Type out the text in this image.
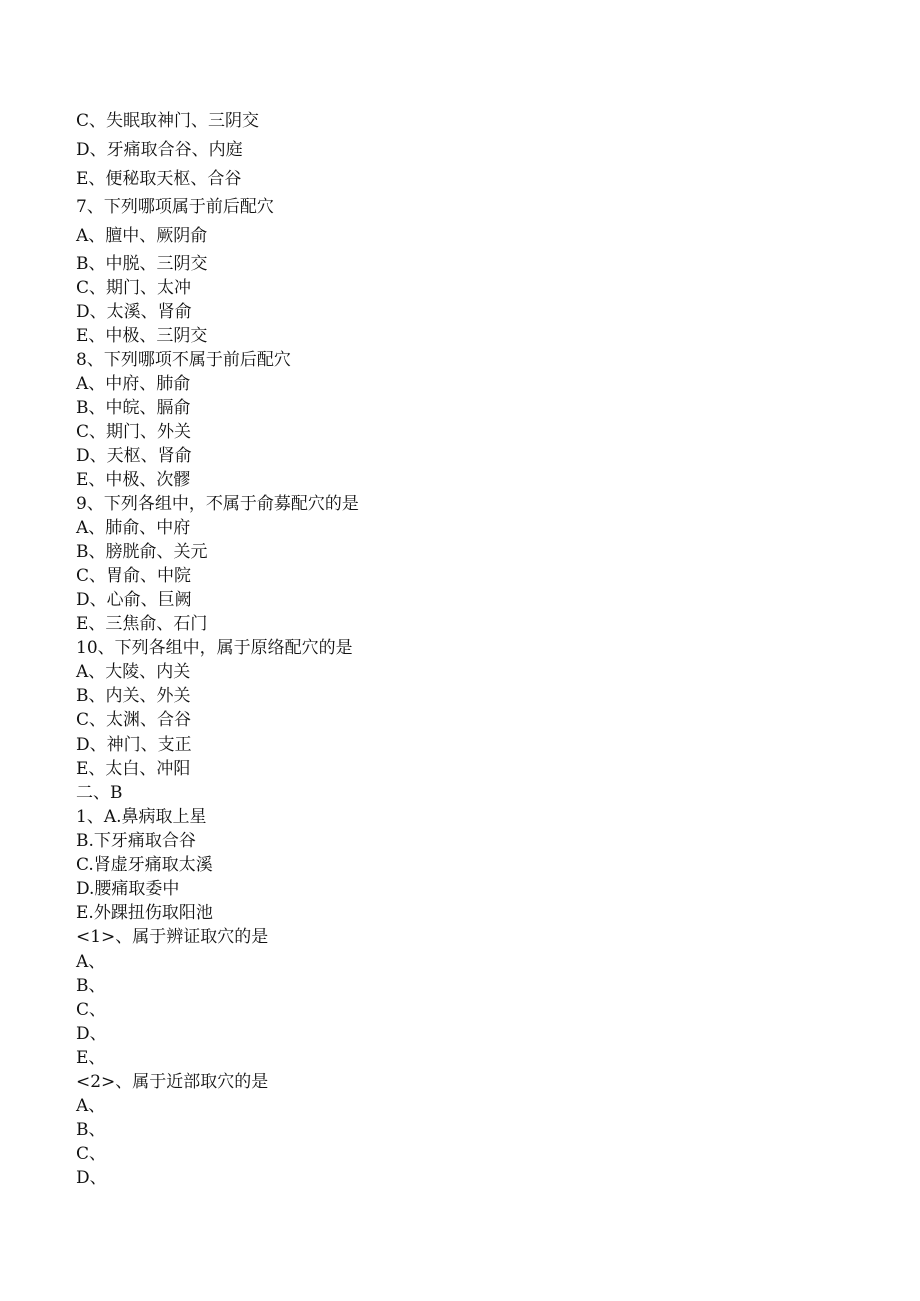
C、失眠取神门、三阴交
D、牙痛取合谷、内庭
E、便秘取天枢、合谷
7、下列哪项属于前后配穴
A、膻中、厥阴俞
B、中脱、三阴交
C、期门、太冲
D、太溪、肾俞
E、中极、三阴交
8、下列哪项不属于前后配穴
A、中府、肺俞
B、中皖、膈俞
C、期门、外关
D、天枢、肾俞
E、中极、次髎
9、下列各组中，不属于俞募配穴的是
A、肺俞、中府
B、膀胱俞、关元
C、胃俞、中院
D、心俞、巨阙
E、三焦俞、石门
10、下列各组中，属于原络配穴的是
A、大陵、内关
B、内关、外关
C、太渊、合谷
D、神门、支正
E、太白、冲阳
二、B
1、A.鼻病取上星
B.下牙痛取合谷
C.肾虚牙痛取太溪
D.腰痛取委中
E.外踝扭伤取阳池
<1>、属于辨证取穴的是
A、
B、
C、
D、
E、
<2>、属于近部取穴的是
A、
B、
C、
D、
